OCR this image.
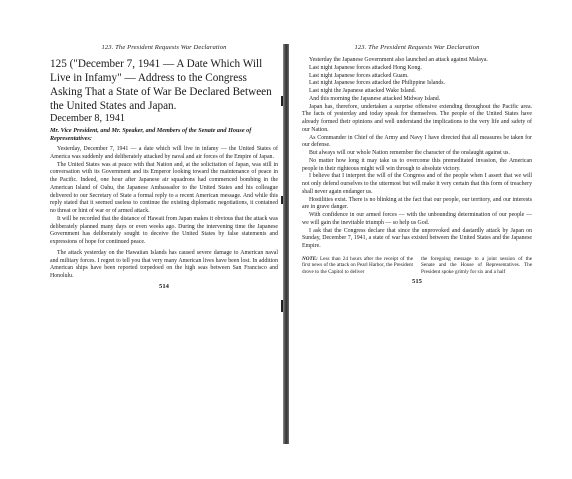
123. The President Requests War Declaration

125 ("December 7, 1941 — A Date Which Will Live in Infamy" — Address to the Congress Asking That a State of War Be Declared Between the United States and Japan.

December 8, 1941

Mr. Vice President, and Mr. Speaker, and Members of the Senate and House of Representatives:

Yesterday, December 7, 1941 — a date which will live in infamy — the United States of America was suddenly and deliberately attacked by naval and air forces of the Empire of Japan.

The United States was at peace with that Nation and, at the solicitation of Japan, was still in conversation with its Government and its Emperor looking toward the maintenance of peace in the Pacific. Indeed, one hour after Japanese air squadrons had commenced bombing in the American Island of Oahu, the Japanese Ambassador to the United States and his colleague delivered to our Secretary of State a formal reply to a recent American message. And while this reply stated that it seemed useless to continue the existing diplomatic negotiations, it contained no threat or hint of war or of armed attack.

It will be recorded that the distance of Hawaii from Japan makes it obvious that the attack was deliberately planned many days or even weeks ago. During the intervening time the Japanese Government has deliberately sought to deceive the United States by false statements and expressions of hope for continued peace.

The attack yesterday on the Hawaiian Islands has caused severe damage to American naval and military forces. I regret to tell you that very many American lives have been lost. In addition American ships have been reported torpedoed on the high seas between San Francisco and Honolulu.

514

123. The President Requests War Declaration

Yesterday the Japanese Government also launched an attack against Malaya.

Last night Japanese forces attacked Hong Kong.

Last night Japanese forces attacked Guam.

Last night Japanese forces attacked the Philippine Islands.

Last night the Japanese attacked Wake Island.

And this morning the Japanese attacked Midway Island.

Japan has, therefore, undertaken a surprise offensive extending throughout the Pacific area. The facts of yesterday and today speak for themselves. The people of the United States have already formed their opinions and well understand the implications to the very life and safety of our Nation.

As Commander in Chief of the Army and Navy I have directed that all measures be taken for our defense.

But always will our whole Nation remember the character of the onslaught against us.

No matter how long it may take us to overcome this premeditated invasion, the American people in their righteous might will win through to absolute victory.

I believe that I interpret the will of the Congress and of the people when I assert that we will not only defend ourselves to the uttermost but will make it very certain that this form of treachery shall never again endanger us.

Hostilities exist. There is no blinking at the fact that our people, our territory, and our interests are in grave danger.

With confidence in our armed forces — with the unbounding determination of our people — we will gain the inevitable triumph — so help us God.

I ask that the Congress declare that since the unprovoked and dastardly attack by Japan on Sunday, December 7, 1941, a state of war has existed between the United States and the Japanese Empire.

NOTE: Less than 24 hours after the receipt of the first news of the attack on Pearl Harbor, the President drove to the Capitol to deliver
the foregoing message to a joint session of the Senate and the House of Representatives. The President spoke grimly for six and a half
515
